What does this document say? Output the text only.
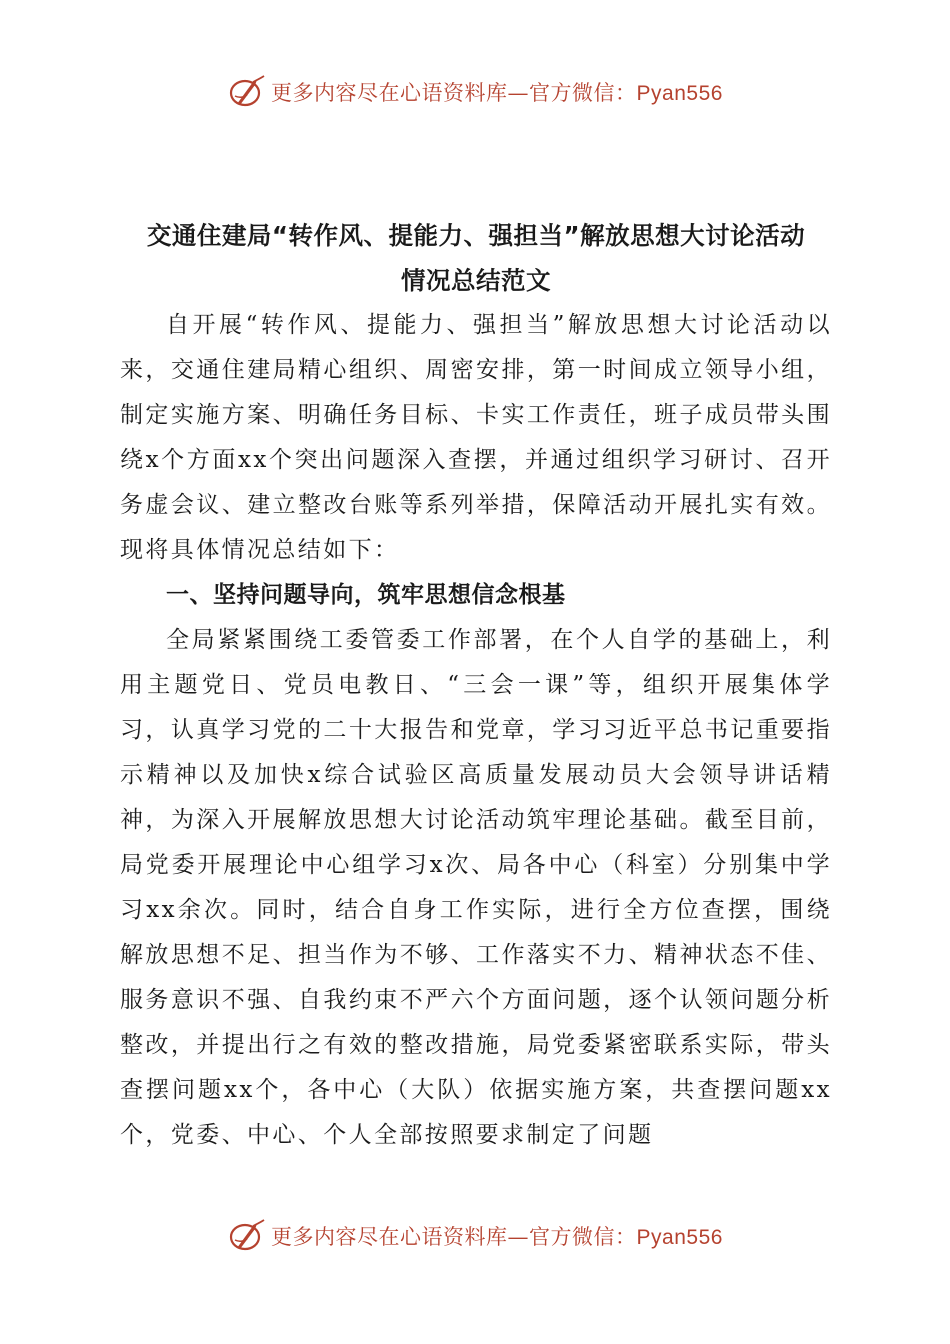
更多内容尽在心语资料库—官方微信：Pyan556

交通住建局“转作风、提能力、强担当”解放思想大讨论活动

情况总结范文

自开展“转作风、提能力、强担当”解放思想大讨论活动以来，交通住建局精心组织、周密安排，第一时间成立领导小组，制定实施方案、明确任务目标、卡实工作责任，班子成员带头围绕x个方面xx个突出问题深入查摆，并通过组织学习研讨、召开务虚会议、建立整改台账等系列举措，保障活动开展扎实有效。现将具体情况总结如下：

一、坚持问题导向，筑牢思想信念根基

全局紧紧围绕工委管委工作部署，在个人自学的基础上，利用主题党日、党员电教日、“三会一课”等，组织开展集体学习，认真学习党的二十大报告和党章，学习习近平总书记重要指示精神以及加快x综合试验区高质量发展动员大会领导讲话精神，为深入开展解放思想大讨论活动筑牢理论基础。截至目前，局党委开展理论中心组学习x次、局各中心（科室）分别集中学习xx余次。同时，结合自身工作实际，进行全方位查摆，围绕解放思想不足、担当作为不够、工作落实不力、精神状态不佳、服务意识不强、自我约束不严六个方面问题，逐个认领问题分析整改，并提出行之有效的整改措施，局党委紧密联系实际，带头查摆问题xx个，各中心（大队）依据实施方案，共查摆问题xx个，党委、中心、个人全部按照要求制定了问题

更多内容尽在心语资料库—官方微信：Pyan556
